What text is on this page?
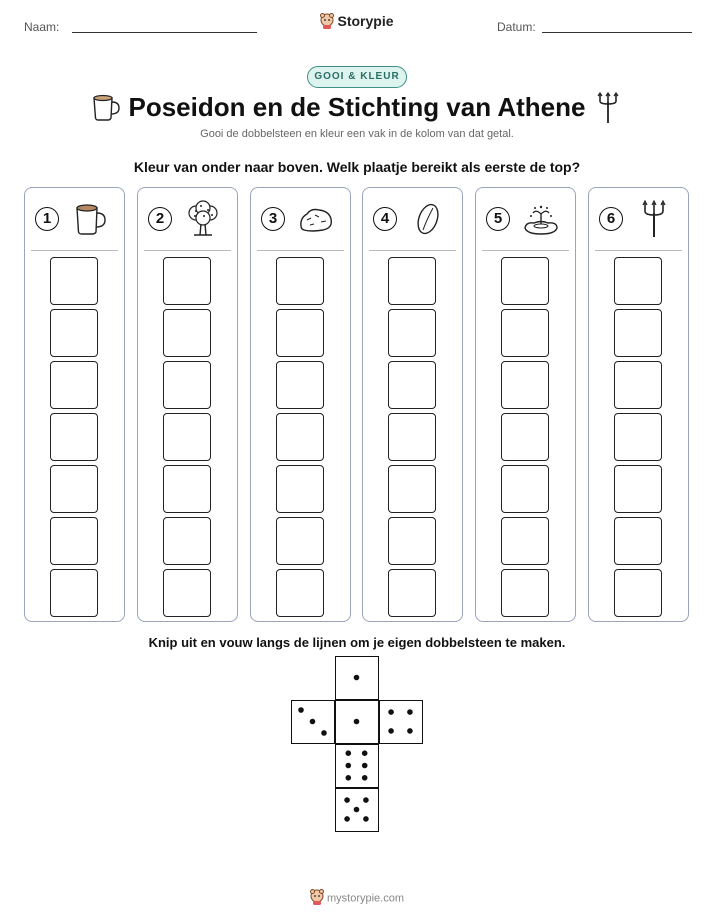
Naam:	Storypie	Datum:
GOOI & KLEUR
Poseidon en de Stichting van Athene
Gooi de dobbelsteen en kleur een vak in de kolom van dat getal.
Kleur van onder naar boven. Welk plaatje bereikt als eerste de top?
1	2	3	4	5	6
Knip uit en vouw langs de lijnen om je eigen dobbelsteen te maken.
mystorypie.com
